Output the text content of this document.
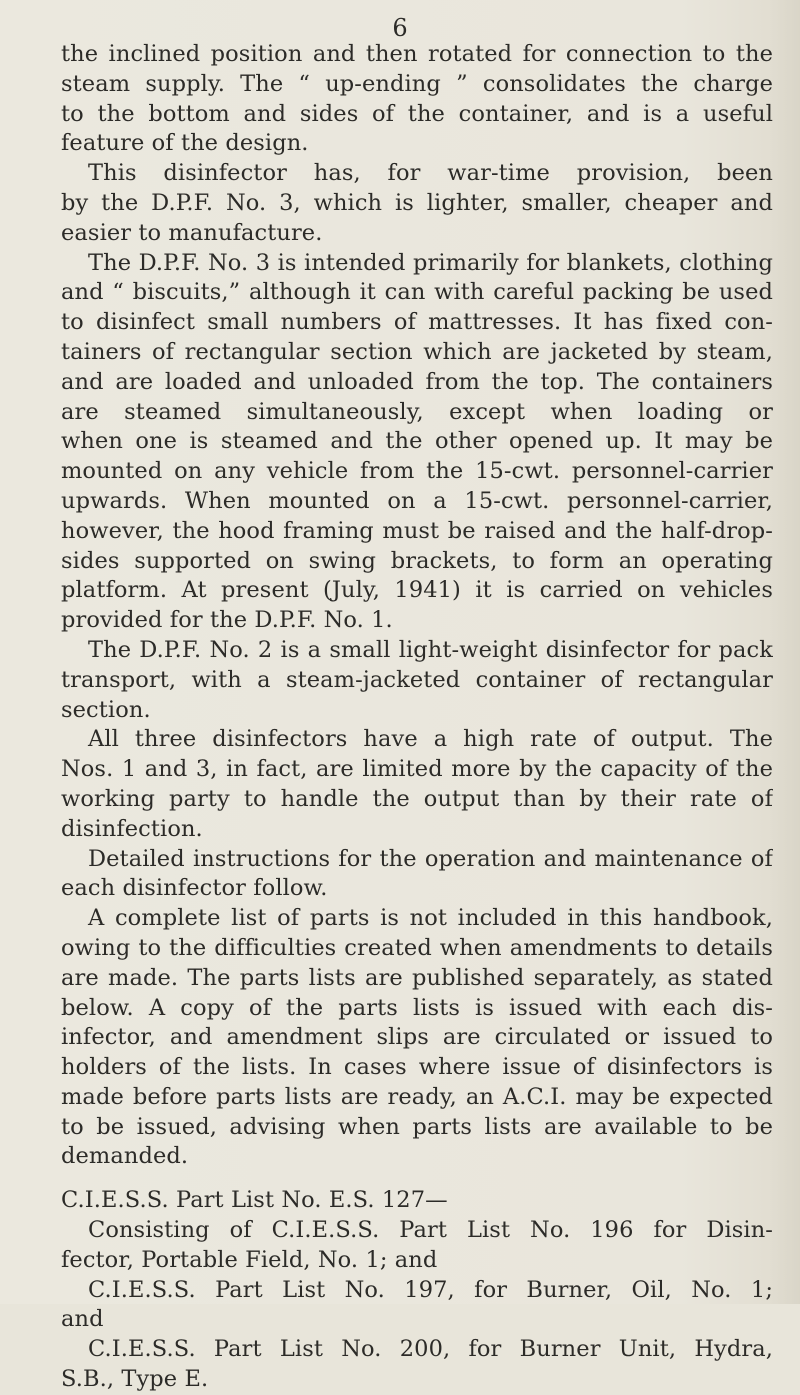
6
the inclined position and then rotated for connection to the
steam supply. The “ up-ending ” consolidates the charge
to the bottom and sides of the container, and is a useful
feature of the design.
This disinfector has, for war-time provision, been
by the D.P.F. No. 3, which is lighter, smaller, cheaper and
easier to manufacture.
The D.P.F. No. 3 is intended primarily for blankets, clothing
and “ biscuits,” although it can with careful packing be used
to disinfect small numbers of mattresses. It has fixed con-
tainers of rectangular section which are jacketed by steam,
and are loaded and unloaded from the top. The containers
are steamed simultaneously, except when loading or
when one is steamed and the other opened up. It may be
mounted on any vehicle from the 15-cwt. personnel-carrier
upwards. When mounted on a 15-cwt. personnel-carrier,
however, the hood framing must be raised and the half-drop-
sides supported on swing brackets, to form an operating
platform. At present (July, 1941) it is carried on vehicles
provided for the D.P.F. No. 1.
The D.P.F. No. 2 is a small light-weight disinfector for pack
transport, with a steam-jacketed container of rectangular
section.
All three disinfectors have a high rate of output. The
Nos. 1 and 3, in fact, are limited more by the capacity of the
working party to handle the output than by their rate of
disinfection.
Detailed instructions for the operation and maintenance of
each disinfector follow.
A complete list of parts is not included in this handbook,
owing to the difficulties created when amendments to details
are made. The parts lists are published separately, as stated
below. A copy of the parts lists is issued with each dis-
infector, and amendment slips are circulated or issued to
holders of the lists. In cases where issue of disinfectors is
made before parts lists are ready, an A.C.I. may be expected
to be issued, advising when parts lists are available to be
demanded.
C.I.E.S.S. Part List No. E.S. 127—
Consisting of C.I.E.S.S. Part List No. 196 for Disin-
fector, Portable Field, No. 1; and
C.I.E.S.S. Part List No. 197, for Burner, Oil, No. 1;
and
C.I.E.S.S. Part List No. 200, for Burner Unit, Hydra,
S.B., Type E.
